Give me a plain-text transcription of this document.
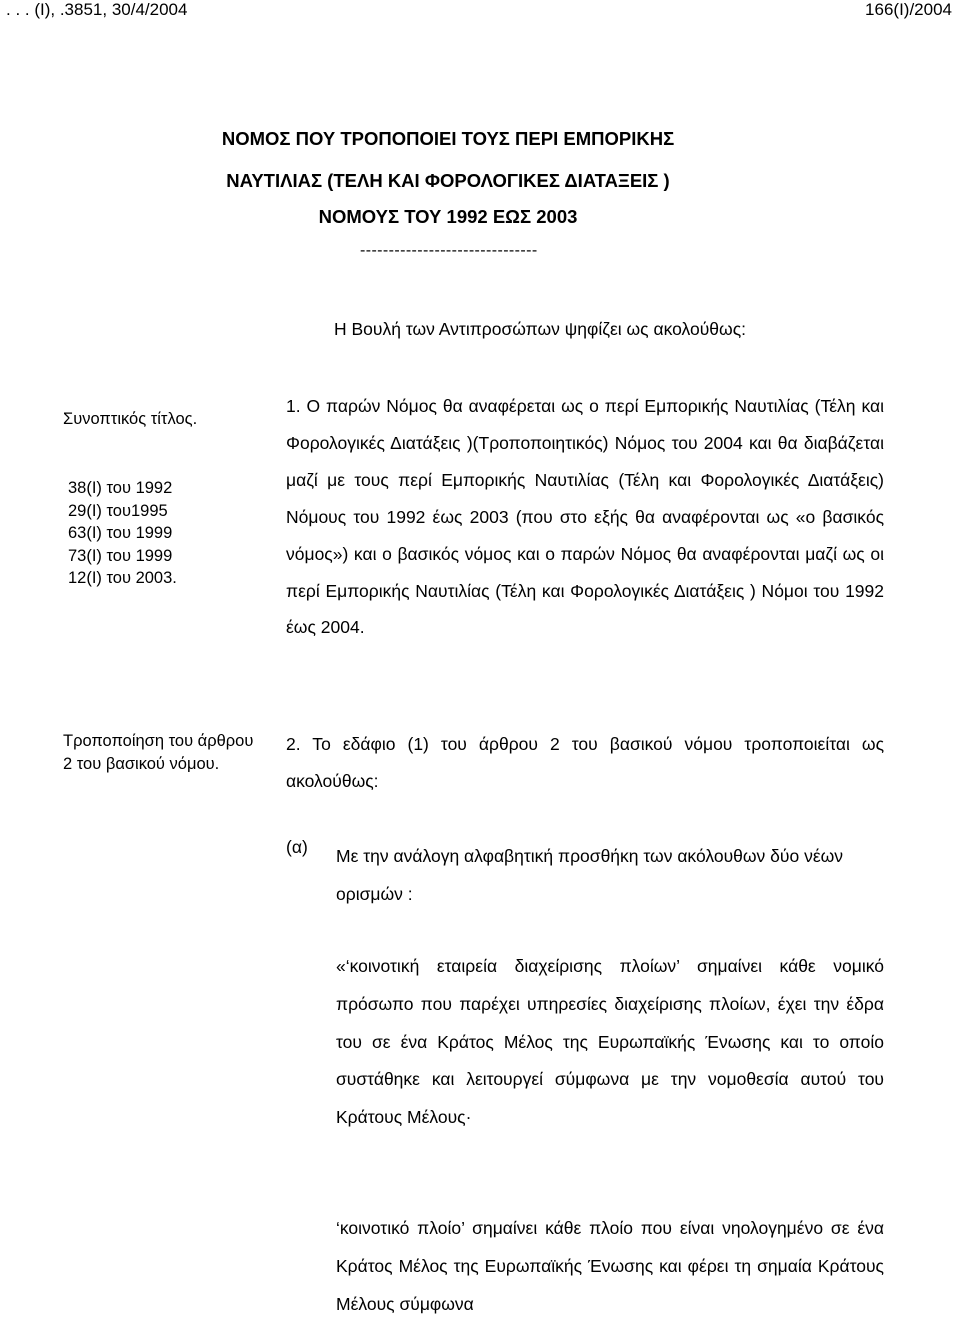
. . . (Ι), .3851, 30/4/2004	166(Ι)/2004
ΝΟΜΟΣ ΠΟΥ ΤΡΟΠΟΠΟΙΕΙ ΤΟΥΣ ΠΕΡΙ ΕΜΠΟΡΙΚΗΣ
ΝΑΥΤΙΛΙΑΣ (ΤΕΛΗ ΚΑΙ ΦΟΡΟΛΟΓΙΚΕΣ ΔΙΑΤΑΞΕΙΣ )
ΝΟΜΟΥΣ ΤΟΥ 1992 ΕΩΣ 2003
-------------------------------
Η Βουλή των Αντιπροσώπων ψηφίζει ως ακολούθως:
Συνοπτικός τίτλος.
38(Ι) του 1992
29(Ι) του1995
63(Ι) του 1999
73(Ι) του 1999
12(Ι) του 2003.
Τροποποίηση του άρθρου 2 του βασικού νόμου.

1. Ο παρών Νόμος θα αναφέρεται ως ο περί Εμπορικής Ναυτιλίας (Τέλη και Φορολογικές Διατάξεις )(Τροποποιητικός) Νόμος του 2004 και θα διαβάζεται μαζί με τους περί Εμπορικής Ναυτιλίας (Τέλη και Φορολογικές Διατάξεις) Νόμους του 1992 έως 2003 (που στο εξής θα αναφέρονται ως «ο βασικός νόμος») και ο βασικός νόμος και ο παρών Νόμος θα αναφέρονται μαζί ως οι περί Εμπορικής Ναυτιλίας (Τέλη και Φορολογικές Διατάξεις ) Νόμοι του 1992 έως 2004.

2. Το εδάφιο (1) του άρθρου 2 του βασικού νόμου τροποποιείται ως ακολούθως:

(α) Με την ανάλογη αλφαβητική προσθήκη των ακόλουθων δύο νέων ορισμών :

«‘κοινοτική εταιρεία διαχείρισης πλοίων’ σημαίνει κάθε νομικό πρόσωπο που παρέχει υπηρεσίες διαχείρισης πλοίων, έχει την έδρα του σε ένα Κράτος Μέλος της Ευρωπαϊκής Ένωσης και το οποίο συστάθηκε και λειτουργεί σύμφωνα με την νομοθεσία αυτού του Κράτους Μέλους·

‘κοινοτικό πλοίο’ σημαίνει κάθε πλοίο που είναι νηολογημένο σε ένα Κράτος Μέλος της Ευρωπαϊκής Ένωσης και φέρει τη σημαία Κράτους Μέλους σύμφωνα
